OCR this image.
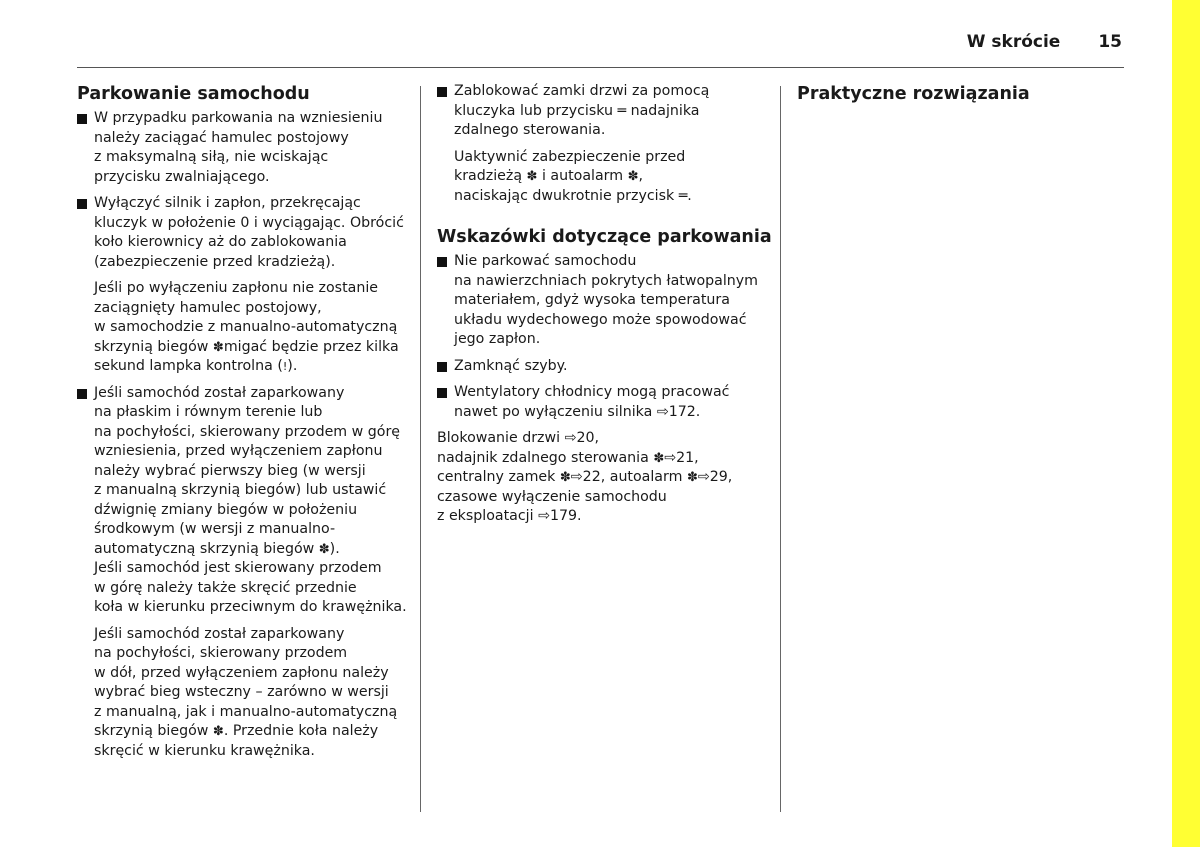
W skrócie 15
Parkowanie samochodu
W przypadku parkowania na wzniesieniu
należy zaciągać hamulec postojowy
z maksymalną siłą, nie wciskając
przycisku zwalniającego.
Wyłączyć silnik i zapłon, przekręcając
kluczyk w położenie 0 i wyciągając. Obrócić
koło kierownicy aż do zablokowania
(zabezpieczenie przed kradzieżą).

Jeśli po wyłączeniu zapłonu nie zostanie
zaciągnięty hamulec postojowy,
w samochodzie z manualno-automatyczną
skrzynią biegów ✽migać będzie przez kilka
sekund lampka kontrolna (!).

Jeśli samochód został zaparkowany
na płaskim i równym terenie lub
na pochyłości, skierowany przodem w górę
wzniesienia, przed wyłączeniem zapłonu
należy wybrać pierwszy bieg (w wersji
z manualną skrzynią biegów) lub ustawić
dźwignię zmiany biegów w położeniu
środkowym (w wersji z manualno-
automatyczną skrzynią biegów ✽).
Jeśli samochód jest skierowany przodem
w górę należy także skręcić przednie
koła w kierunku przeciwnym do krawężnika.

Jeśli samochód został zaparkowany
na pochyłości, skierowany przodem
w dół, przed wyłączeniem zapłonu należy
wybrać bieg wsteczny – zarówno w wersji
z manualną, jak i manualno-automatyczną
skrzynią biegów ✽. Przednie koła należy
skręcić w kierunku krawężnika.

Zablokować zamki drzwi za pomocą
kluczyka lub przycisku ═ nadajnika
zdalnego sterowania.

Uaktywnić zabezpieczenie przed
kradzieżą ✽ i autoalarm ✽,
naciskając dwukrotnie przycisk ═.

Wskazówki dotyczące parkowania
Nie parkować samochodu
na nawierzchniach pokrytych łatwopalnym
materiałem, gdyż wysoka temperatura
układu wydechowego może spowodować
jego zapłon.
Zamknąć szyby.
Wentylatory chłodnicy mogą pracować
nawet po wyłączeniu silnika ⇨172.

Blokowanie drzwi ⇨20,
nadajnik zdalnego sterowania ✽⇨21,
centralny zamek ✽⇨22, autoalarm ✽⇨29,
czasowe wyłączenie samochodu
z eksploatacji ⇨179.

Praktyczne rozwiązania
